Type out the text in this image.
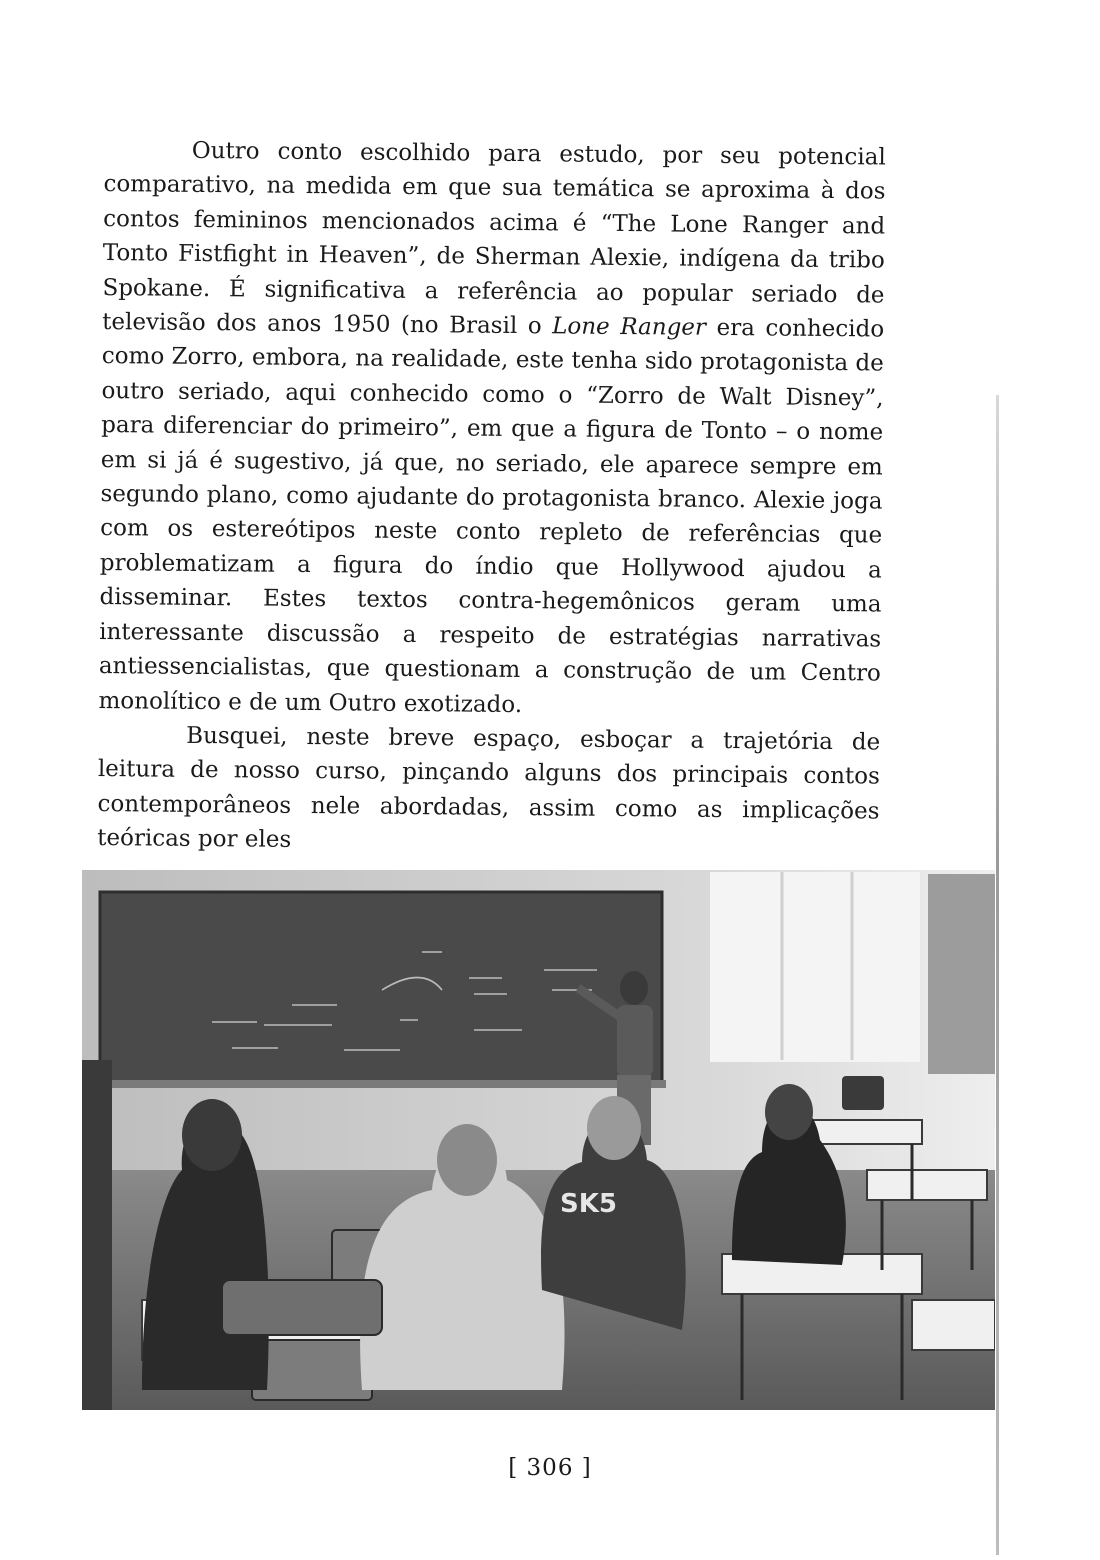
Outro conto escolhido para estudo, por seu potencial comparativo, na medida em que sua temática se aproxima à dos contos femininos mencionados acima é “The Lone Ranger and Tonto Fistfight in Heaven”, de Sherman Alexie, indígena da tribo Spokane. É significativa a referência ao popular seriado de televisão dos anos 1950 (no Brasil o Lone Ranger era conhecido como Zorro, embora, na realidade, este tenha sido protagonista de outro seriado, aqui conhecido como o “Zorro de Walt Disney”, para diferenciar do primeiro”, em que a figura de Tonto – o nome em si já é sugestivo, já que, no seriado, ele aparece sempre em segundo plano, como ajudante do protagonista branco. Alexie joga com os estereótipos neste conto repleto de referências que problematizam a figura do índio que Hollywood ajudou a disseminar. Estes textos contra-hegemônicos geram uma interessante discussão a respeito de estratégias narrativas antiessencialistas, que questionam a construção de um Centro monolítico e de um Outro exotizado.

Busquei, neste breve espaço, esboçar a trajetória de leitura de nosso curso, pinçando alguns dos principais contos contemporâneos nele abordadas, assim como as implicações teóricas por eles

SK5
[ 306 ]
